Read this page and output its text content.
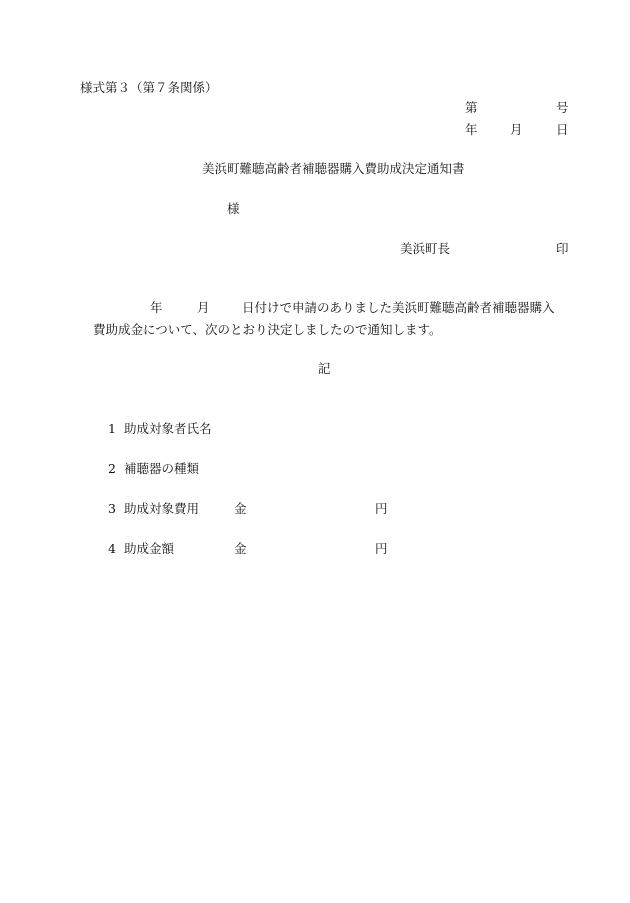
様式第３（第７条関係）
第	号
年	月	日
美浜町難聴高齢者補聴器購入費助成決定通知書
様
美浜町長	印
年	月	日付けで申請のありました美浜町難聴高齢者補聴器購入
費助成金について、次のとおり決定しましたので通知します。
記
1 助成対象者氏名
2 補聴器の種類
3 助成対象費用	金	円
4 助成金額	金	円
